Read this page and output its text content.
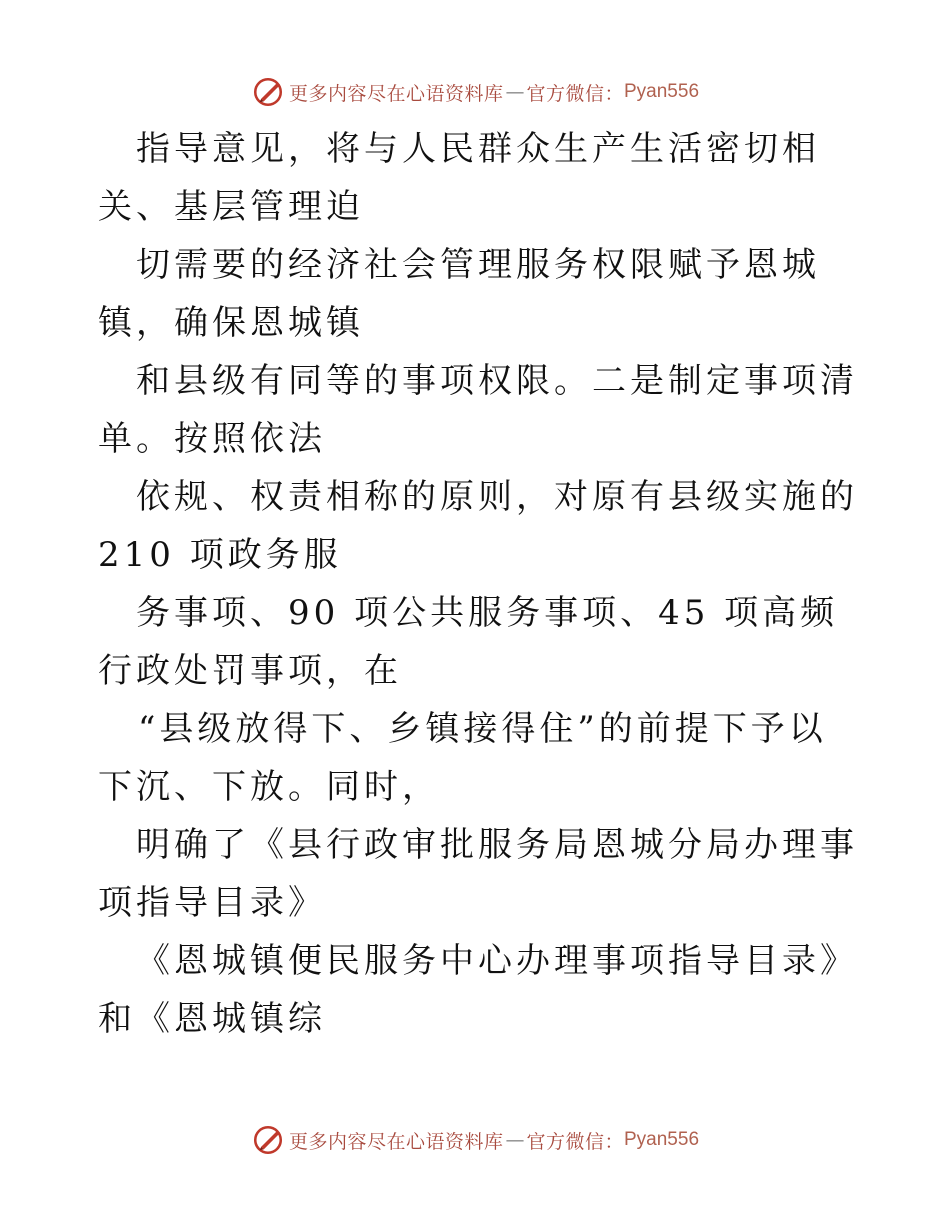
更多内容尽在心语资料库 — 官方微信： Pyan556

指导意见，将与人民群众生产生活密切相关、基层管理迫

切需要的经济社会管理服务权限赋予恩城镇，确保恩城镇

和县级有同等的事项权限。二是制定事项清单。按照依法

依规、权责相称的原则，对原有县级实施的 210 项政务服

务事项、90 项公共服务事项、45 项高频行政处罚事项，在

“县级放得下、乡镇接得住”的前提下予以下沉、下放。同时，

明确了《县行政审批服务局恩城分局办理事项指导目录》

《恩城镇便民服务中心办理事项指导目录》和《恩城镇综

更多内容尽在心语资料库 — 官方微信： Pyan556
